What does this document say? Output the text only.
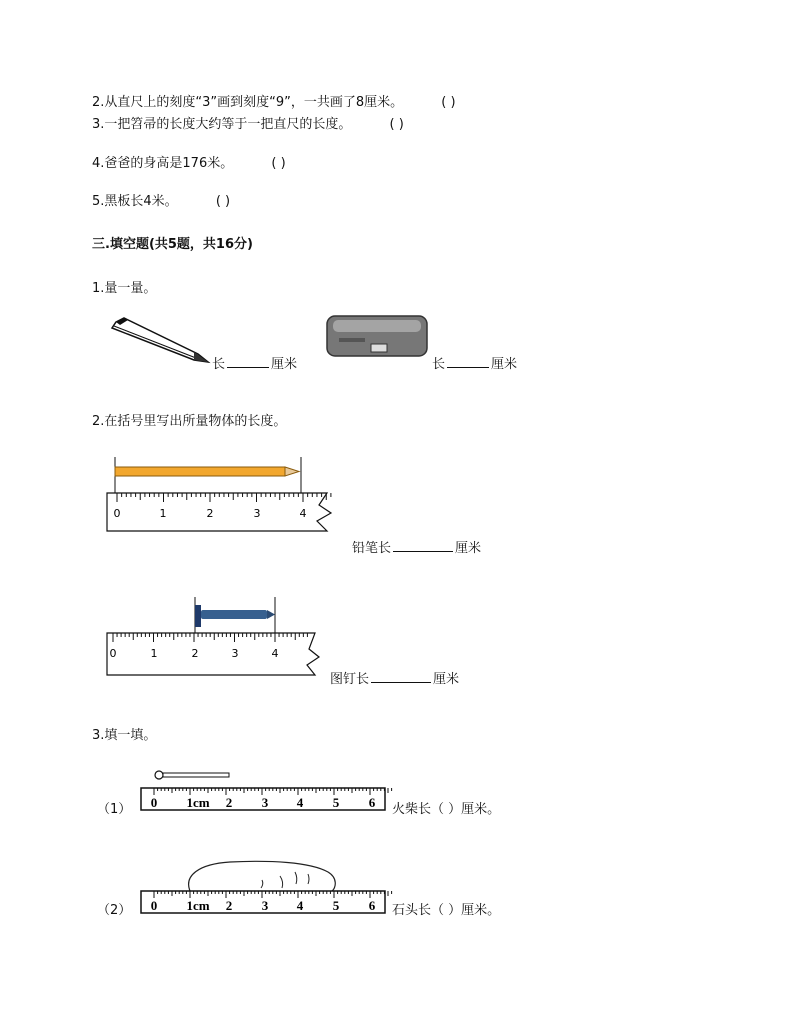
2.从直尺上的刻度“3”画到刻度“9”，一共画了8厘米。	( )
3.一把笤帚的长度大约等于一把直尺的长度。	( )
4.爸爸的身高是176米。	( )
5.黑板长4米。	( )
三.填空题(共5题，共16分)
1.量一量。
长	厘米	长	厘米
2.在括号里写出所量物体的长度。
0	1	2	3	4
铅笔长	厘米
0	1	2	3	4
图钉长	厘米
3.填一填。
（1） 0 1cm 2 3 4 5 6 火柴长（ ）厘米。
（2） 0 1cm 2 3 4 5 6 石头长（ ）厘米。
